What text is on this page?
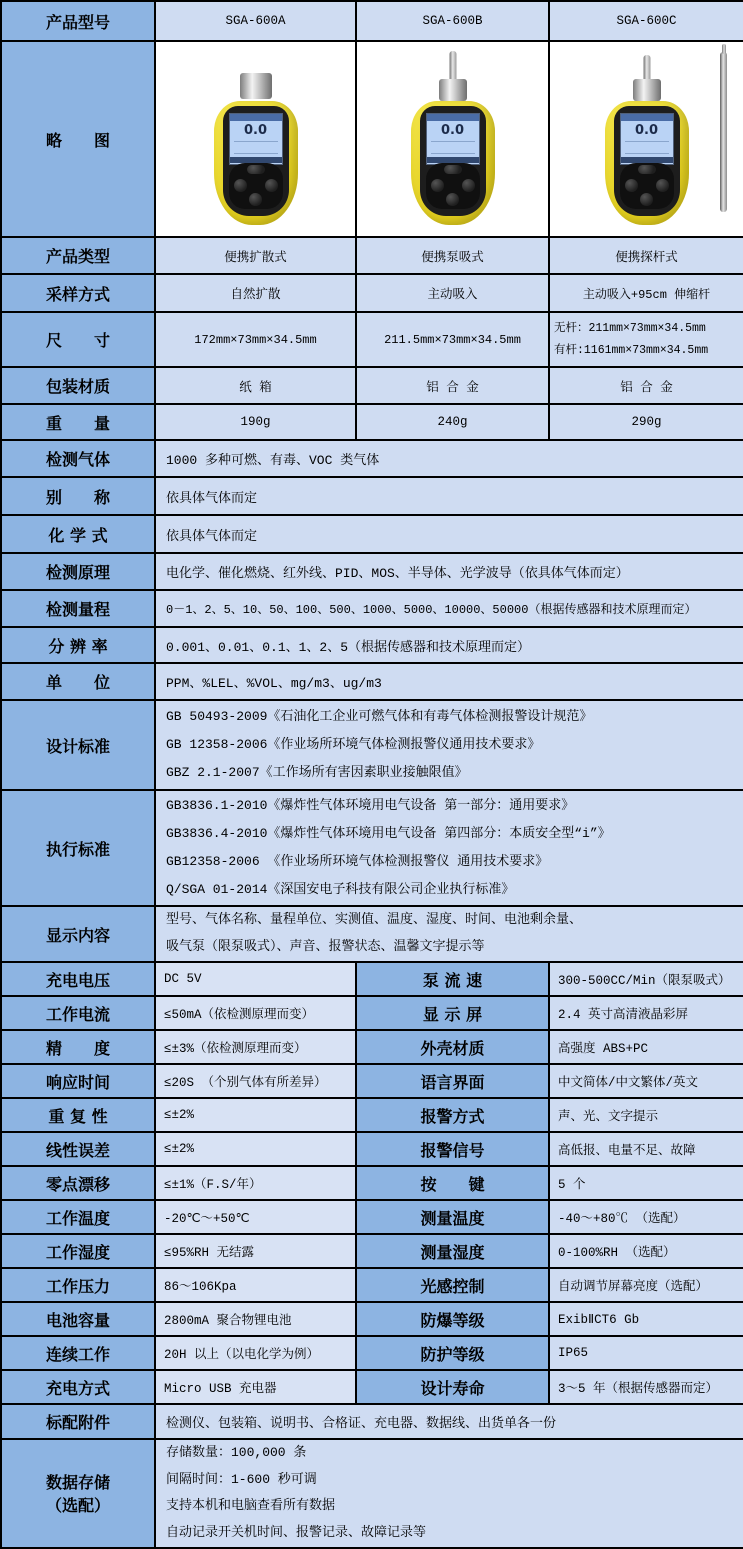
产品型号	SGA-600A	SGA-600B	SGA-600C
略　　图	0.0	0.0	0.0

产品类型	便携扩散式	便携泵吸式	便携探杆式
采样方式	自然扩散	主动吸入	主动吸入+95cm 伸缩杆
尺　　寸	172mm×73mm×34.5mm	211.5mm×73mm×34.5mm	无杆：211mm×73mm×34.5mm
有杆:1161mm×73mm×34.5mm

包装材质	纸 箱	铝 合 金	铝 合 金
重　　量	190g	240g	290g
检测气体	1000 多种可燃、有毒、VOC 类气体		
别　　称	依具体气体而定		
化 学 式	依具体气体而定		
检测原理	电化学、催化燃烧、红外线、PID、MOS、半导体、光学波导（依具体气体而定）		
检测量程	0－1、2、5、10、50、100、500、1000、5000、10000、50000（根据传感器和技术原理而定）		
分 辨 率	0.001、0.01、0.1、1、2、5（根据传感器和技术原理而定）		
单　　位	PPM、%LEL、%VOL、mg/m3、ug/m3		
设计标准	GB 50493-2009《石油化工企业可燃气体和有毒气体检测报警设计规范》
GB 12358-2006《作业场所环境气体检测报警仪通用技术要求》
GBZ 2.1-2007《工作场所有害因素职业接触限值》		

执行标准	GB3836.1-2010《爆炸性气体环境用电气设备 第一部分：通用要求》
GB3836.4-2010《爆炸性气体环境用电气设备 第四部分：本质安全型“i”》
GB12358-2006 《作业场所环境气体检测报警仪 通用技术要求》
Q/SGA 01-2014《深国安电子科技有限公司企业执行标准》		

显示内容	型号、气体名称、量程单位、实测值、温度、湿度、时间、电池剩余量、
吸气泵（限泵吸式）、声音、报警状态、温馨文字提示等		

充电电压	DC 5V	泵 流 速	300-500CC/Min（限泵吸式）
工作电流	≤50mA（依检测原理而变）	显 示 屏	2.4 英寸高清液晶彩屏
精　　度	≤±3%（依检测原理而变）	外壳材质	高强度 ABS+PC
响应时间	≤20S （个别气体有所差异）	语言界面	中文简体/中文繁体/英文
重 复 性	≤±2%	报警方式	声、光、文字提示
线性误差	≤±2%	报警信号	高低报、电量不足、故障
零点漂移	≤±1%（F.S/年）	按　　键	5 个
工作温度	-20℃～+50℃	测量温度	-40～+80℃ （选配）
工作湿度	≤95%RH 无结露	测量湿度	0-100%RH （选配）
工作压力	86～106Kpa	光感控制	自动调节屏幕亮度（选配）
电池容量	2800mA 聚合物锂电池	防爆等级	ExibⅡCT6 Gb
连续工作	20H 以上（以电化学为例）	防护等级	IP65
充电方式	Micro USB 充电器	设计寿命	3～5 年（根据传感器而定）
标配附件	检测仪、包装箱、说明书、合格证、充电器、数据线、出货单各一份		

数据存储
（选配）

存储数量：100,000 条
间隔时间：1-600 秒可调
支持本机和电脑查看所有数据
自动记录开关机时间、报警记录、故障记录等
